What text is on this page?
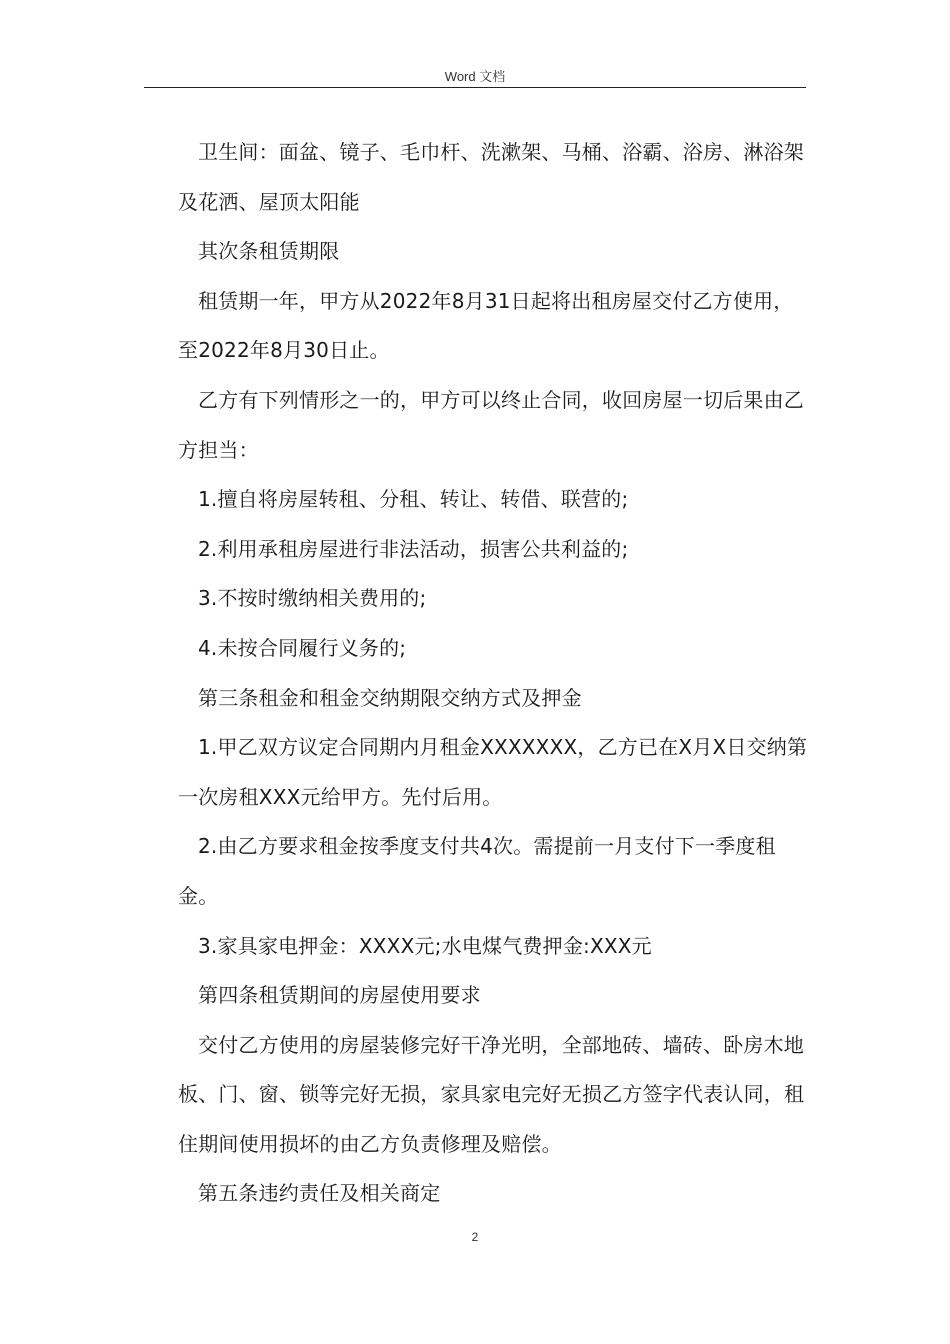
Word 文档

卫生间：面盆、镜子、毛巾杆、洗漱架、马桶、浴霸、浴房、淋浴架及花洒、屋顶太阳能

其次条租赁期限

租赁期一年，甲方从2022年8月31日起将出租房屋交付乙方使用，至2022年8月30日止。

乙方有下列情形之一的，甲方可以终止合同，收回房屋一切后果由乙方担当：

1.擅自将房屋转租、分租、转让、转借、联营的;

2.利用承租房屋进行非法活动，损害公共利益的;

3.不按时缴纳相关费用的;

4.未按合同履行义务的;

第三条租金和租金交纳期限交纳方式及押金

1.甲乙双方议定合同期内月租金XXXXXXX，乙方已在X月X日交纳第一次房租XXX元给甲方。先付后用。

2.由乙方要求租金按季度支付共4次。需提前一月支付下一季度租金。

3.家具家电押金：XXXX元;水电煤气费押金:XXX元

第四条租赁期间的房屋使用要求

交付乙方使用的房屋装修完好干净光明，全部地砖、墙砖、卧房木地板、门、窗、锁等完好无损，家具家电完好无损乙方签字代表认同，租住期间使用损坏的由乙方负责修理及赔偿。

第五条违约责任及相关商定

2
